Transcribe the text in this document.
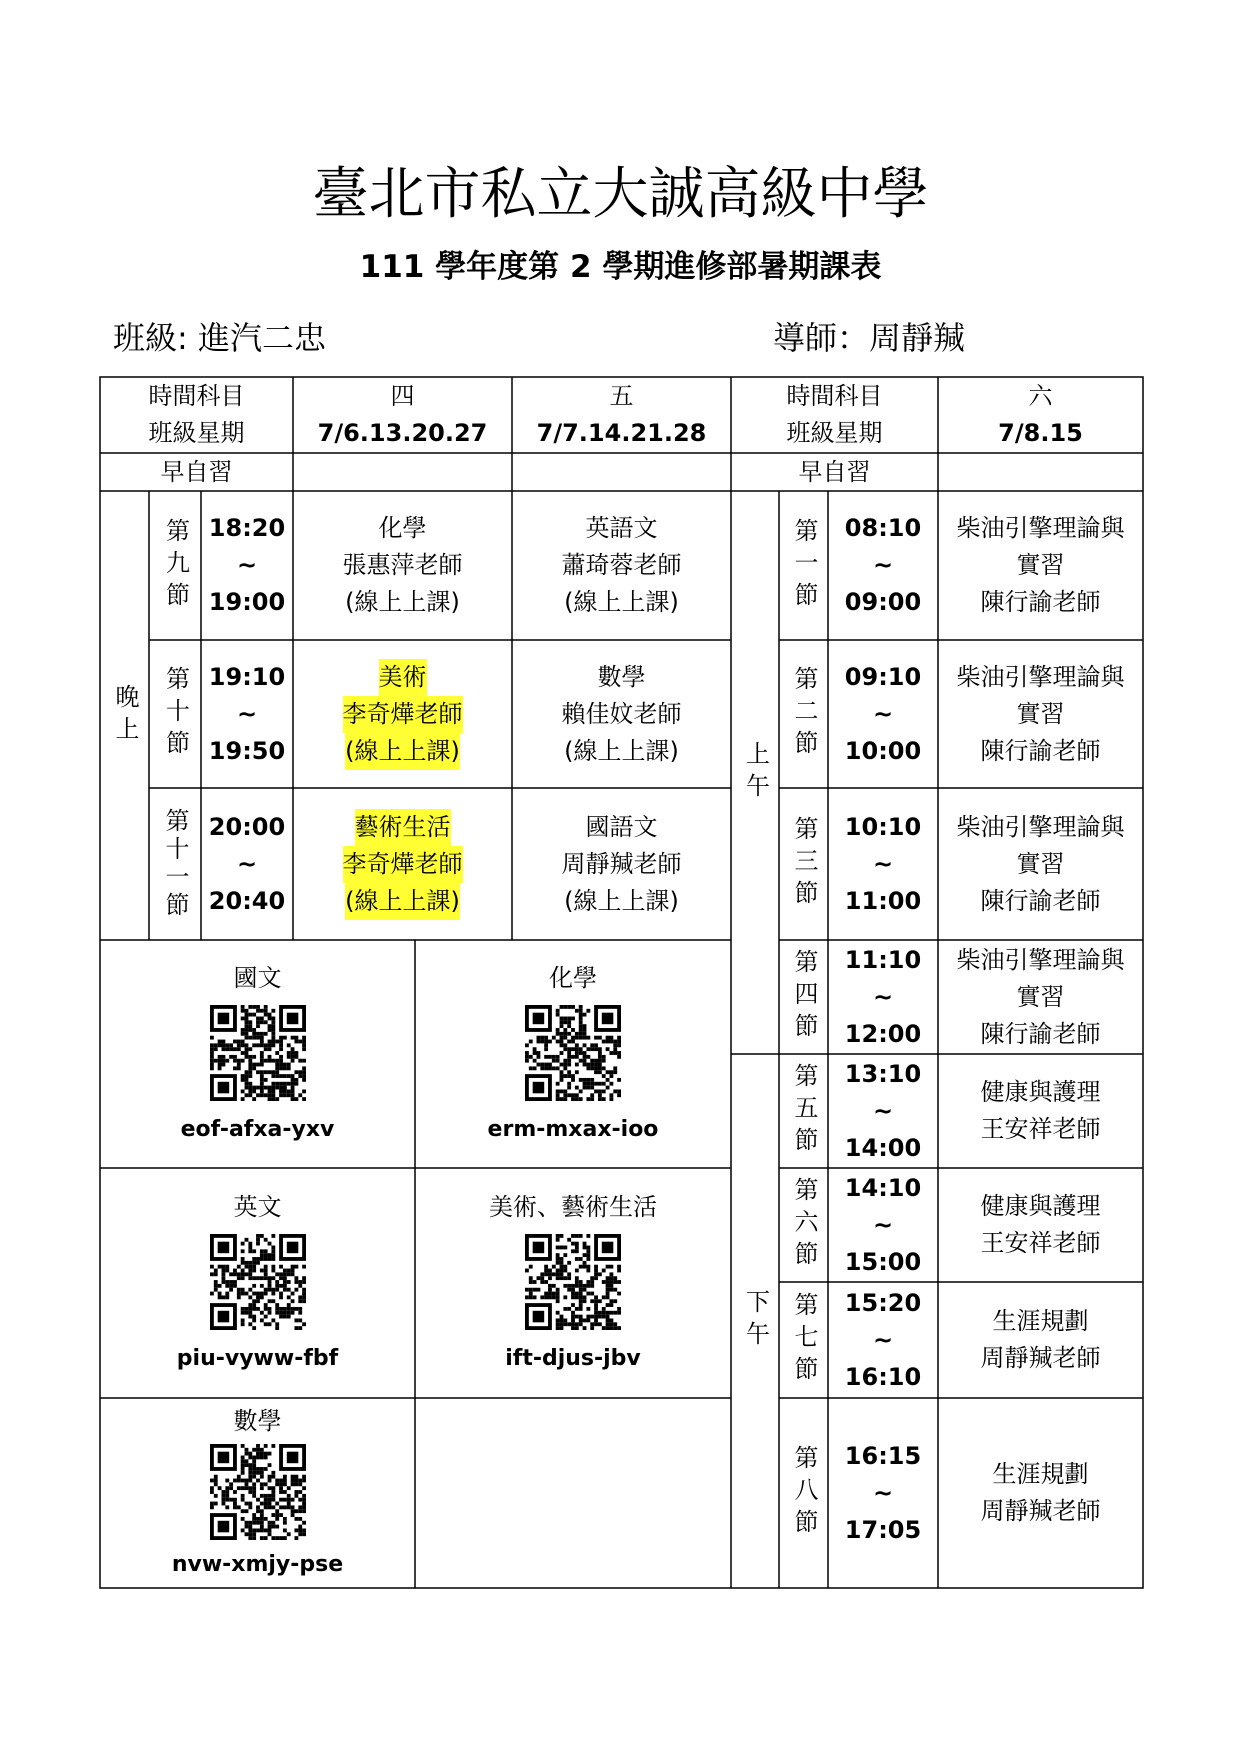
臺北市私立大誠高級中學
111 學年度第 2 學期進修部暑期課表
班級: 進汽二忠	導師：周靜羬
時間科目
班級星期
四
7/6.13.20.27
五
7/7.14.21.28
時間科目
班級星期
六
7/8.15
早自習	早自習
晚上
第九節 18:20
~
19:00
化學
張惠萍老師
(線上上課)
英語文
蕭琦蓉老師
(線上上課)
第十節 19:10
~
19:50
美術
李奇燁老師
(線上上課)
數學
賴佳妏老師
(線上上課)
第十一節 20:00
~
20:40
藝術生活
李奇燁老師
(線上上課)
國語文
周靜羬老師
(線上上課)
國文
eof-afxa-yxv
化學
erm-mxax-ioo
英文
piu-vyww-fbf
美術、藝術生活
ift-djus-jbv
數學
nvw-xmjy-pse
上午
下午
第一節 08:10
~
09:00
柴油引擎理論與
實習
陳行諭老師
第二節 09:10
~
10:00
柴油引擎理論與
實習
陳行諭老師
第三節 10:10
~
11:00
柴油引擎理論與
實習
陳行諭老師
第四節 11:10
~
12:00
柴油引擎理論與
實習
陳行諭老師
第五節 13:10
~
14:00
健康與護理
王安祥老師
第六節 14:10
~
15:00
健康與護理
王安祥老師
第七節 15:20
~
16:10
生涯規劃
周靜羬老師
第八節 16:15
~
17:05
生涯規劃
周靜羬老師
